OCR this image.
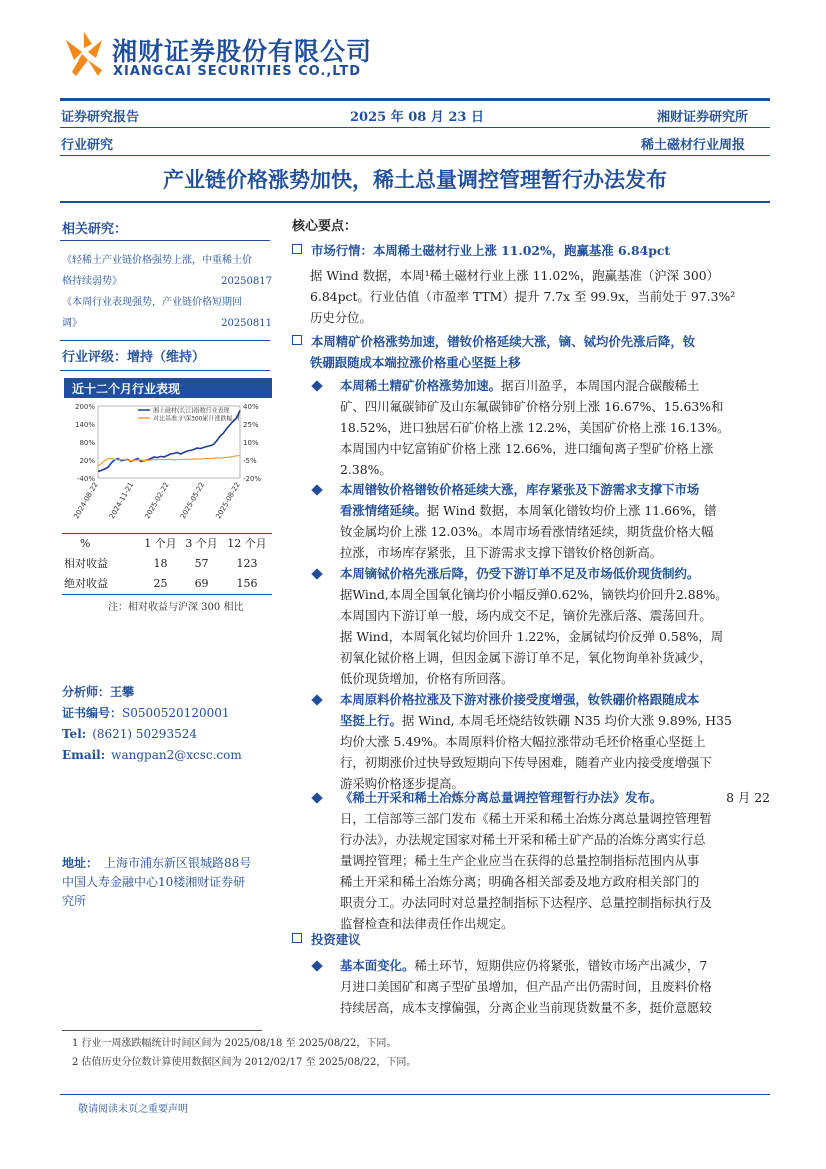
湘财证券股份有限公司
XIANGCAI SECURITIES CO.,LTD
证券研究报告	2025 年 08 月 23 日	湘财证券研究所
行业研究	稀土磁材行业周报
产业链价格涨势加快，稀土总量调控管理暂行办法发布
相关研究：
《轻稀土产业链价格强势上涨，中重稀土价
格持续弱势》	20250817
《本周行业表现强势，产业链价格短期回
调》	20250811
行业评级：增持（维持）
近十二个月行业表现
200%
140%
80%
20%
-40%
40%
25%
10%
-5%
-20%
2024-08-22 2024-11-21 2025-02-22 2025-05-22 2025-08-22
湘土磁材(长江)指数行业表现
对比基准:沪深300累计涨跌幅,月
%	1 个月	3 个月	12 个月
相对收益	18	57	123
绝对收益	25	69	156
注：相对收益与沪深 300 相比
分析师：王攀
证书编号：S0500520120001
Tel: (8621) 50293524
Email: wangpan2@xcsc.com
地址： 上海市浦东新区银城路88号
中国人寿金融中心10楼湘财证券研
究所
核心要点：
市场行情：本周稀土磁材行业上涨 11.02%，跑赢基准 6.84pct
据 Wind 数据，本周¹稀土磁材行业上涨 11.02%，跑赢基准（沪深 300）
6.84pct。行业估值（市盈率 TTM）提升 7.7x 至 99.9x，当前处于 97.3%²
历史分位。
本周精矿价格涨势加速，镨钕价格延续大涨，镝、铽均价先涨后降，钕
铁硼跟随成本端拉涨价格重心坚挺上移
本周稀土精矿价格涨势加速。据百川盈孚，本周国内混合碳酸稀土
矿、四川氟碳铈矿及山东氟碳铈矿价格分别上涨 16.67%、15.63%和
18.52%，进口独居石矿价格上涨 12.2%，美国矿价格上涨 16.13%。
本周国内中钇富铕矿价格上涨 12.66%，进口缅甸离子型矿价格上涨
2.38%。
本周镨钕价格镨钕价格延续大涨，库存紧张及下游需求支撑下市场
看涨情绪延续。据 Wind 数据，本周氧化镨钕均价上涨 11.66%，镨
钕金属均价上涨 12.03%。本周市场看涨情绪延续，期货盘价格大幅
拉涨，市场库存紧张，且下游需求支撑下镨钕价格创新高。
本周镝铽价格先涨后降，仍受下游订单不足及市场低价现货制约。
据Wind,本周全国氧化镝均价小幅反弹0.62%，镝铁均价回升2.88%。
本周国内下游订单一般，场内成交不足，镝价先涨后落、震荡回升。
据 Wind，本周氧化铽均价回升 1.22%，金属铽均价反弹 0.58%，周
初氧化铽价格上调，但因金属下游订单不足，氧化物询单补货减少，
低价现货增加，价格有所回落。
本周原料价格拉涨及下游对涨价接受度增强，钕铁硼价格跟随成本
坚挺上行。据 Wind, 本周毛坯烧结钕铁硼 N35 均价大涨 9.89%, H35
均价大涨 5.49%。本周原料价格大幅拉涨带动毛坯价格重心坚挺上
行，初期涨价过快导致短期向下传导困难，随着产业内接受度增强下
游采购价格逐步提高。
《稀土开采和稀土冶炼分离总量调控管理暂行办法》发布。	8 月 22
日，工信部等三部门发布《稀土开采和稀土冶炼分离总量调控管理暂
行办法》，办法规定国家对稀土开采和稀土矿产品的冶炼分离实行总
量调控管理；稀土生产企业应当在获得的总量控制指标范围内从事
稀土开采和稀土冶炼分离；明确各相关部委及地方政府相关部门的
职责分工。办法同时对总量控制指标下达程序、总量控制指标执行及
监督检查和法律责任作出规定。
投资建议
基本面变化。稀土环节，短期供应仍将紧张，镨钕市场产出减少，7
月进口美国矿和离子型矿虽增加，但产品产出仍需时间，且废料价格
持续居高，成本支撑偏强，分离企业当前现货数量不多，挺价意愿较
1 行业一周涨跌幅统计时间区间为 2025/08/18 至 2025/08/22，下同。
2 估值历史分位数计算使用数据区间为 2012/02/17 至 2025/08/22，下同。
敬请阅读末页之重要声明
